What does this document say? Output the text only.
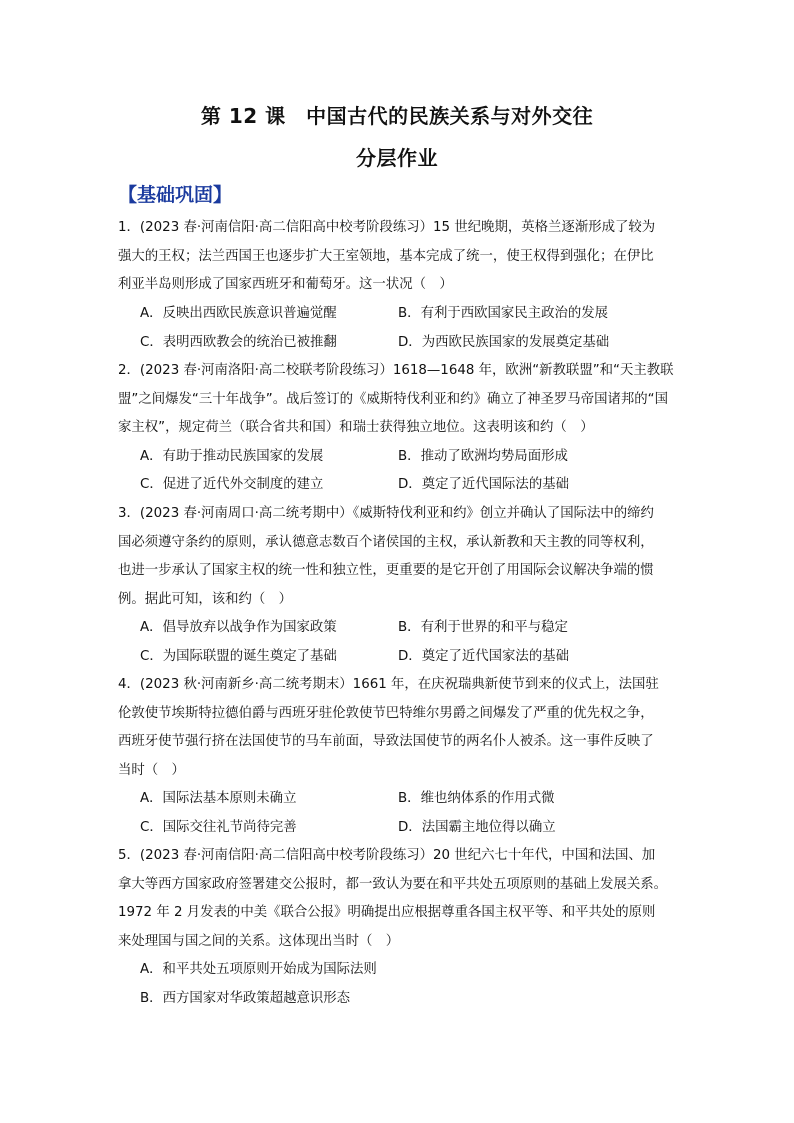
第 12 课　中国古代的民族关系与对外交往
分层作业
【基础巩固】
1．(2023 春·河南信阳·高二信阳高中校考阶段练习）15 世纪晚期，英格兰逐渐形成了较为
强大的王权；法兰西国王也逐步扩大王室领地，基本完成了统一，使王权得到强化；在伊比
利亚半岛则形成了国家西班牙和葡萄牙。这一状况（　）
A．反映出西欧民族意识普遍觉醒	B．有利于西欧国家民主政治的发展
C．表明西欧教会的统治已被推翻	D．为西欧民族国家的发展奠定基础
2．(2023 春·河南洛阳·高二校联考阶段练习）1618—1648 年，欧洲“新教联盟”和“天主教联
盟”之间爆发“三十年战争”。战后签订的《威斯特伐利亚和约》确立了神圣罗马帝国诸邦的“国
家主权”，规定荷兰（联合省共和国）和瑞士获得独立地位。这表明该和约（　）
A．有助于推动民族国家的发展	B．推动了欧洲均势局面形成
C．促进了近代外交制度的建立	D．奠定了近代国际法的基础
3．(2023 春·河南周口·高二统考期中）《威斯特伐利亚和约》创立并确认了国际法中的缔约
国必须遵守条约的原则，承认德意志数百个诸侯国的主权，承认新教和天主教的同等权利，
也进一步承认了国家主权的统一性和独立性，更重要的是它开创了用国际会议解决争端的惯
例。据此可知，该和约（　）
A．倡导放弃以战争作为国家政策	B．有利于世界的和平与稳定
C．为国际联盟的诞生奠定了基础	D．奠定了近代国家法的基础
4．(2023 秋·河南新乡·高二统考期末）1661 年，在庆祝瑞典新使节到来的仪式上，法国驻
伦敦使节埃斯特拉德伯爵与西班牙驻伦敦使节巴特维尔男爵之间爆发了严重的优先权之争，
西班牙使节强行挤在法国使节的马车前面，导致法国使节的两名仆人被杀。这一事件反映了
当时（　）
A．国际法基本原则未确立	B．维也纳体系的作用式微
C．国际交往礼节尚待完善	D．法国霸主地位得以确立
5．(2023 春·河南信阳·高二信阳高中校考阶段练习）20 世纪六七十年代，中国和法国、加
拿大等西方国家政府签署建交公报时，都一致认为要在和平共处五项原则的基础上发展关系。
1972 年 2 月发表的中美《联合公报》明确提出应根据尊重各国主权平等、和平共处的原则
来处理国与国之间的关系。这体现出当时（　）
A．和平共处五项原则开始成为国际法则
B．西方国家对华政策超越意识形态
